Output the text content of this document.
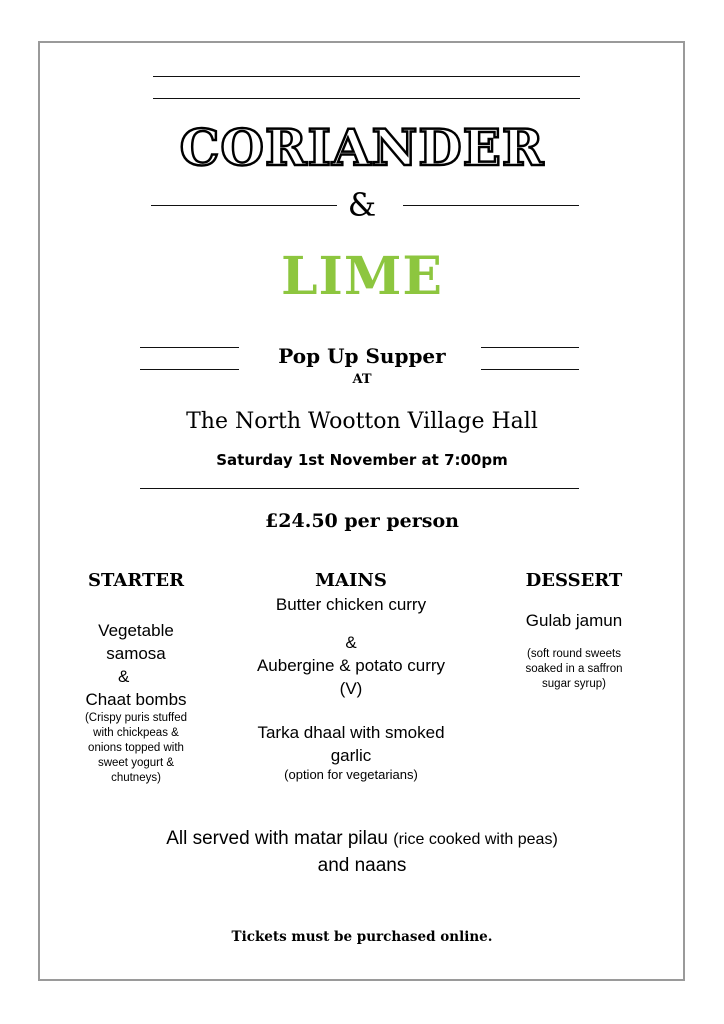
CORIANDER
&
LIME
Pop Up Supper
AT
The North Wootton Village Hall
Saturday 1st November at 7:00pm
£24.50 per person
STARTER
Vegetable
samosa
&
Chaat bombs
(Crispy puris stuffed
with chickpeas &
onions topped with
sweet yogurt &
chutneys)
MAINS
Butter chicken curry
&
Aubergine & potato curry
(V)
Tarka dhaal with smoked
garlic
(option for vegetarians)
DESSERT
Gulab jamun
(soft round sweets
soaked in a saffron
sugar syrup)
All served with matar pilau (rice cooked with peas)
and naans
Tickets must be purchased online.
